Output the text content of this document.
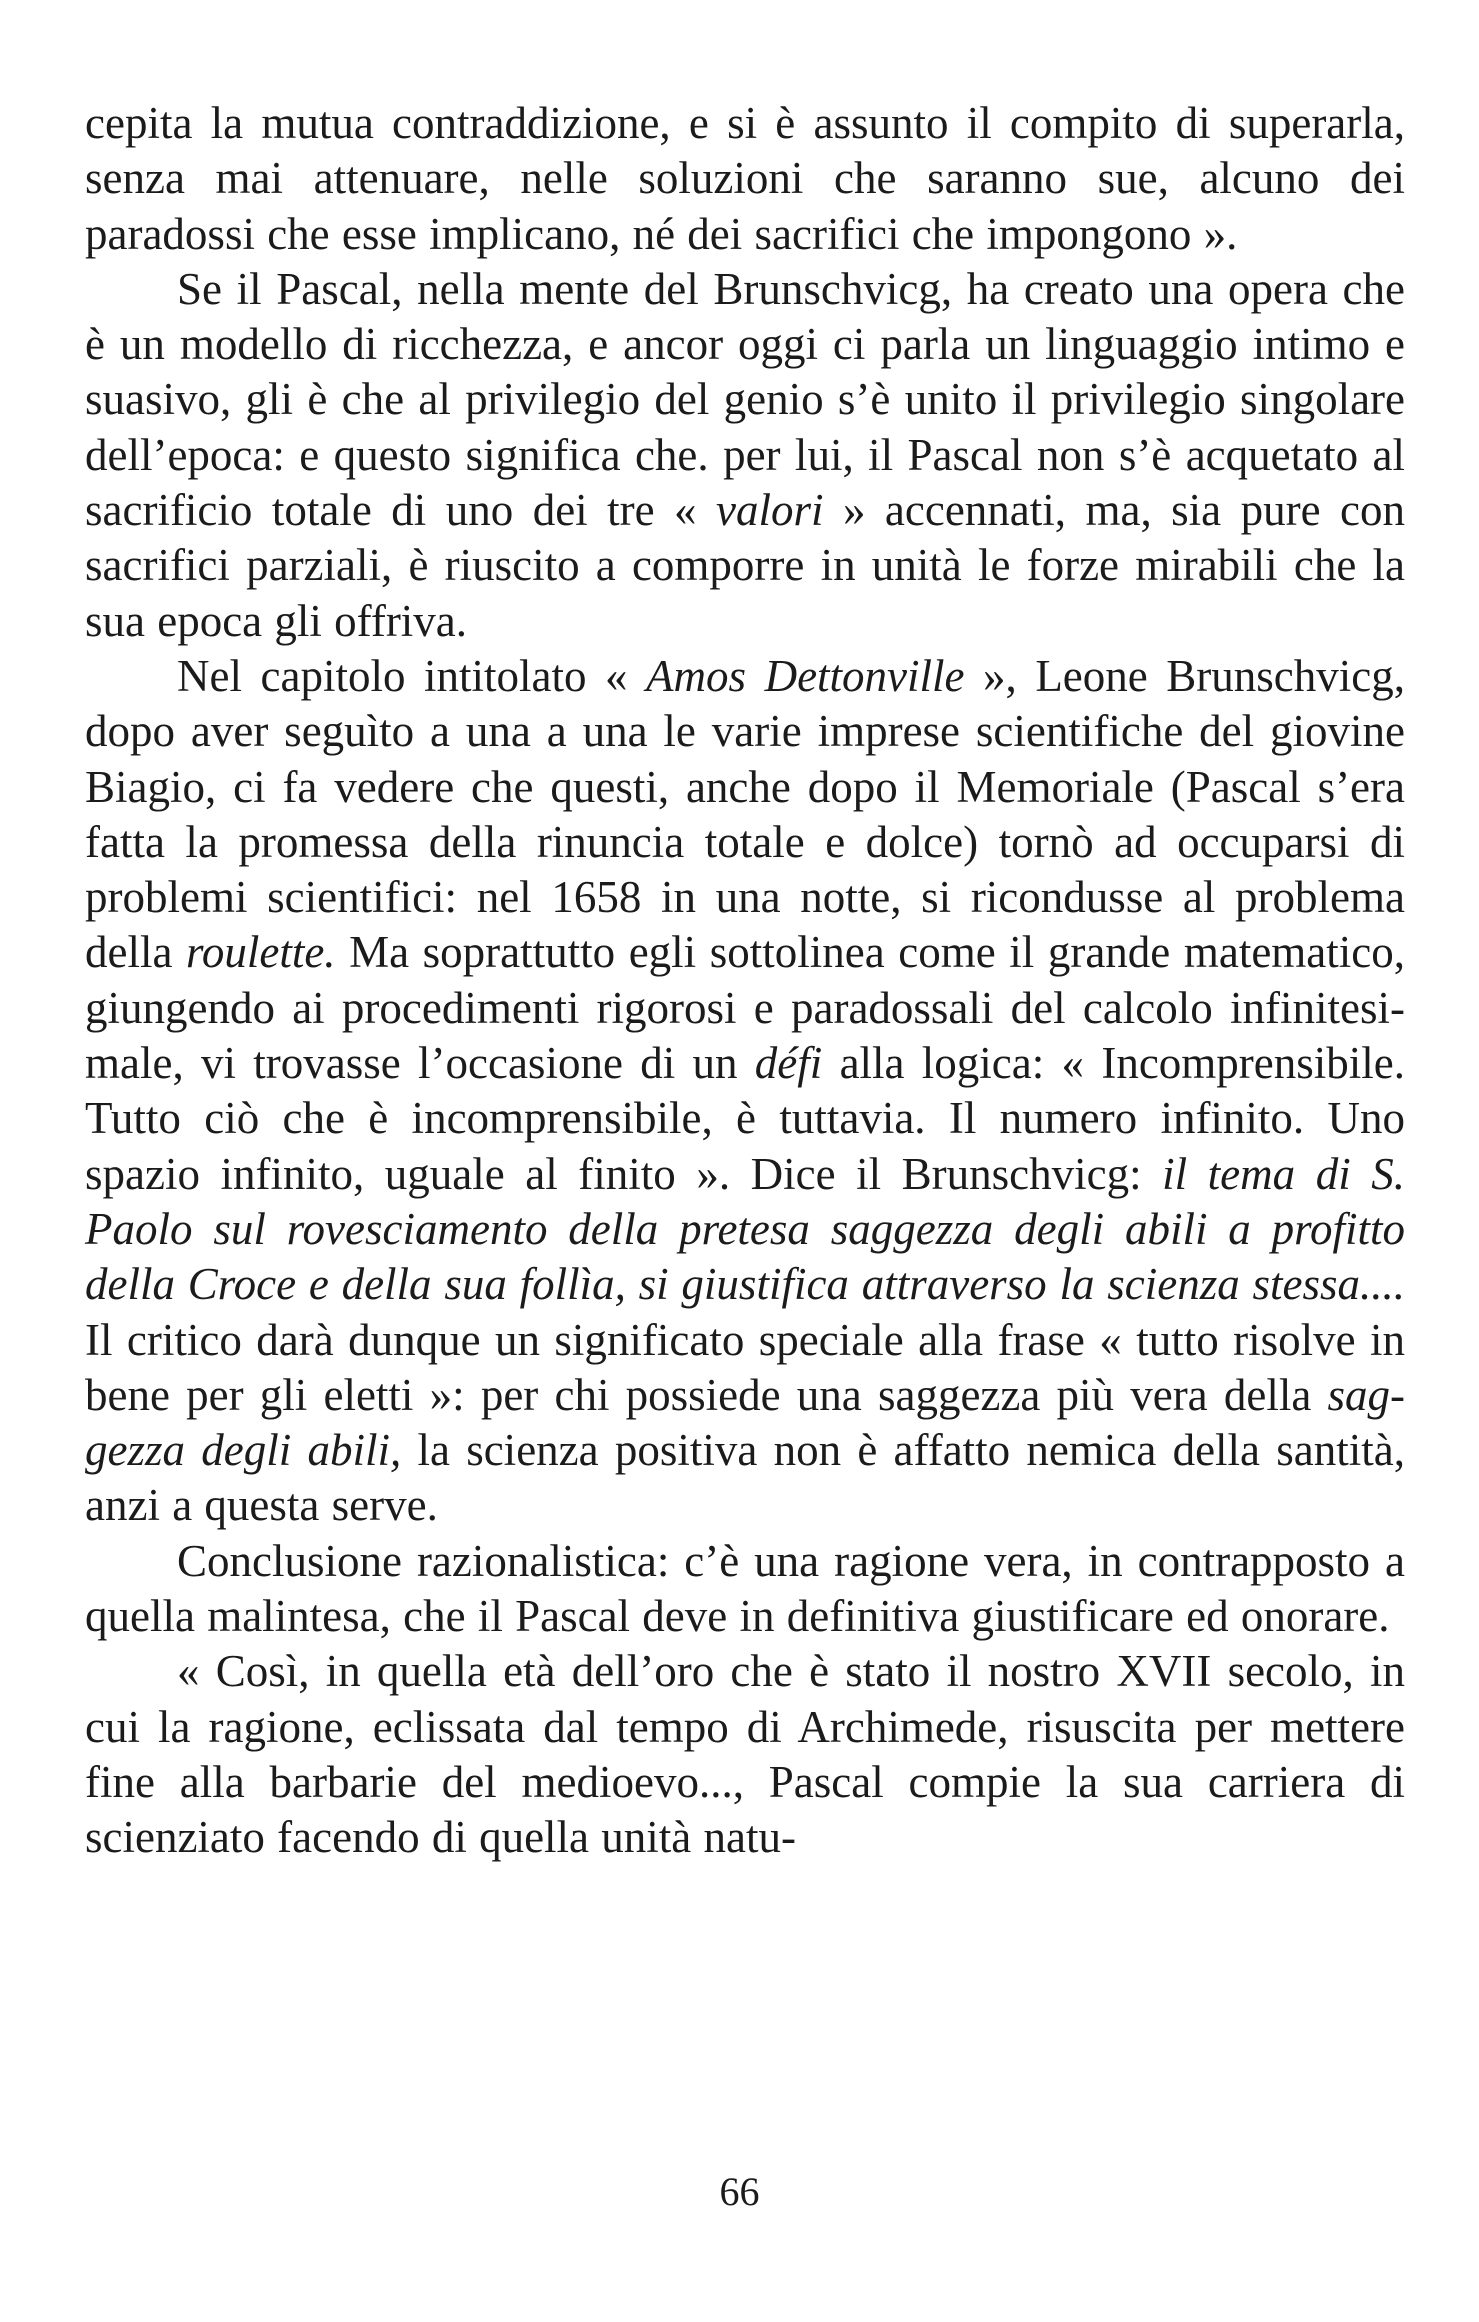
cepita la mutua contraddizione, e si è assunto il compito di superarla, senza mai attenuare, nelle soluzioni che saranno sue, alcuno dei paradossi che esse implicano, né dei sacrifici che impongono ».

Se il Pascal, nella mente del Brunschvicg, ha creato una opera che è un modello di ricchezza, e ancor oggi ci parla un linguaggio intimo e suasivo, gli è che al privilegio del genio s’è unito il privilegio singolare dell’epoca: e questo significa che. per lui, il Pascal non s’è acquetato al sacrificio totale di uno dei tre « valori » accennati, ma, sia pure con sacrifici parziali, è riuscito a comporre in unità le forze mirabili che la sua epoca gli offriva.

Nel capitolo intitolato « Amos Dettonville », Leone Brunschvicg, dopo aver seguìto a una a una le varie imprese scientifiche del giovine Biagio, ci fa vedere che questi, anche dopo il Memoriale (Pascal s’era fatta la promessa della rinuncia totale e dolce) tornò ad occuparsi di problemi scientifici: nel 1658 in una notte, si ricondusse al problema della roulette. Ma soprattutto egli sottolinea come il grande matematico, giungendo ai procedimenti rigorosi e paradossali del calcolo infinitesimale, vi trovasse l’occasione di un défi alla logica: « Incomprensibile. Tutto ciò che è incomprensibile, è tuttavia. Il numero infinito. Uno spazio infinito, uguale al finito ». Dice il Brunschvicg: il tema di S. Paolo sul rovesciamento della pretesa saggezza degli abili a profitto della Croce e della sua follìa, si giustifica attraverso la scienza stessa.... Il critico darà dunque un significato speciale alla frase « tutto risolve in bene per gli eletti »: per chi possiede una saggezza più vera della saggezza degli abili, la scienza positiva non è affatto nemica della santità, anzi a questa serve.

Conclusione razionalistica: c’è una ragione vera, in contrapposto a quella malintesa, che il Pascal deve in definitiva giustificare ed onorare.

« Così, in quella età dell’oro che è stato il nostro XVII secolo, in cui la ragione, eclissata dal tempo di Archimede, risuscita per mettere fine alla barbarie del medioevo..., Pascal compie la sua carriera di scienziato facendo di quella unità natu-

66
